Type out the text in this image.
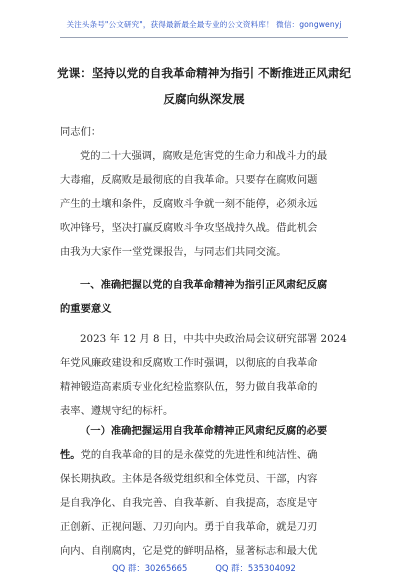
关注头条号"公文研究"，获得最新最全最专业的公文资料库！ 微信：gongwenyj
党课：坚持以党的自我革命精神为指引 不断推进正风肃纪
反腐向纵深发展
同志们：
党的二十大强调，腐败是危害党的生命力和战斗力的最
大毒瘤，反腐败是最彻底的自我革命。只要存在腐败问题
产生的土壤和条件，反腐败斗争就一刻不能停，必须永远
吹冲锋号，坚决打赢反腐败斗争攻坚战持久战。借此机会
由我为大家作一堂党课报告，与同志们共同交流。
一、准确把握以党的自我革命精神为指引正风肃纪反腐
的重要意义
2023 年 12 月 8 日，中共中央政治局会议研究部署 2024
年党风廉政建设和反腐败工作时强调，以彻底的自我革命
精神锻造高素质专业化纪检监察队伍，努力做自我革命的
表率、遵规守纪的标杆。
（一）准确把握运用自我革命精神正风肃纪反腐的必要
性。党的自我革命的目的是永葆党的先进性和纯洁性、确
保长期执政。主体是各级党组织和全体党员、干部，内容
是自我净化、自我完善、自我革新、自我提高，态度是守
正创新、正视问题、刀刃向内。勇于自我革命，就是刀刃
向内、自削腐肉，它是党的鲜明品格，显著标志和最大优
QQ 群：30265665	QQ 群：535304092
